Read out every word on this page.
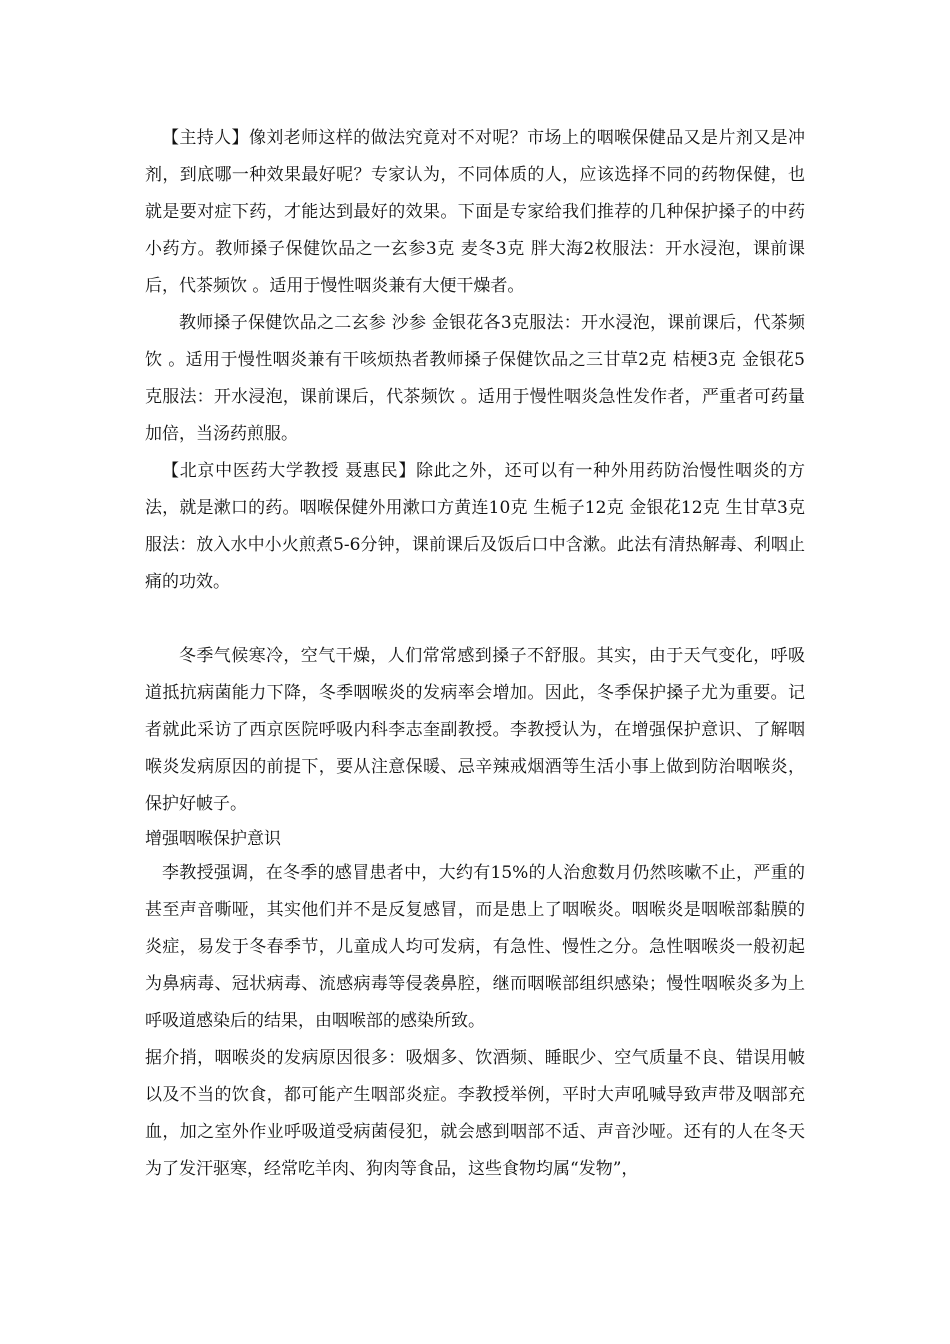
【主持人】像刘老师这样的做法究竟对不对呢？市场上的咽喉保健品又是片剂又是冲剂，到底哪一种效果最好呢？专家认为，不同体质的人，应该选择不同的药物保健，也就是要对症下药，才能达到最好的效果。下面是专家给我们推荐的几种保护搡子的中药小药方。教师搡子保健饮品之一玄参3克 麦冬3克 胖大海2枚服法：开水浸泡，课前课后，代茶频饮 。适用于慢性咽炎兼有大便干燥者。

教师搡子保健饮品之二玄参 沙参 金银花各3克服法：开水浸泡，课前课后，代茶频饮 。适用于慢性咽炎兼有干咳烦热者教师搡子保健饮品之三甘草2克 桔梗3克 金银花5克服法：开水浸泡，课前课后，代茶频饮 。适用于慢性咽炎急性发作者，严重者可药量加倍，当汤药煎服。

【北京中医药大学教授 聂惠民】除此之外，还可以有一种外用药防治慢性咽炎的方法，就是漱口的药。咽喉保健外用漱口方黄连10克 生栀子12克 金银花12克 生甘草3克服法：放入水中小火煎煮5-6分钟，课前课后及饭后口中含漱。此法有清热解毒、利咽止痛的功效。

冬季气候寒冷，空气干燥，人们常常感到搡子不舒服。其实，由于天气变化，呼吸道抵抗病菌能力下降，冬季咽喉炎的发病率会增加。因此，冬季保护搡子尤为重要。记者就此采访了西京医院呼吸内科李志奎副教授。李教授认为，在增强保护意识、了解咽喉炎发病原因的前提下，要从注意保暖、忌辛辣戒烟酒等生活小事上做到防治咽喉炎，保护好帔子。

增强咽喉保护意识

李教授强调，在冬季的感冒患者中，大约有15%的人治愈数月仍然咳嗽不止，严重的甚至声音嘶哑，其实他们并不是反复感冒，而是患上了咽喉炎。咽喉炎是咽喉部黏膜的炎症，易发于冬春季节，儿童成人均可发病，有急性、慢性之分。急性咽喉炎一般初起为鼻病毒、冠状病毒、流感病毒等侵袭鼻腔，继而咽喉部组织感染；慢性咽喉炎多为上呼吸道感染后的结果，由咽喉部的感染所致。

据介捎，咽喉炎的发病原因很多：吸烟多、饮酒频、睡眠少、空气质量不良、错误用帔以及不当的饮食，都可能产生咽部炎症。李教授举例，平时大声吼喊导致声带及咽部充血，加之室外作业呼吸道受病菌侵犯，就会感到咽部不适、声音沙哑。还有的人在冬天为了发汗驱寒，经常吃羊肉、狗肉等食品，这些食物均属“发物”，
